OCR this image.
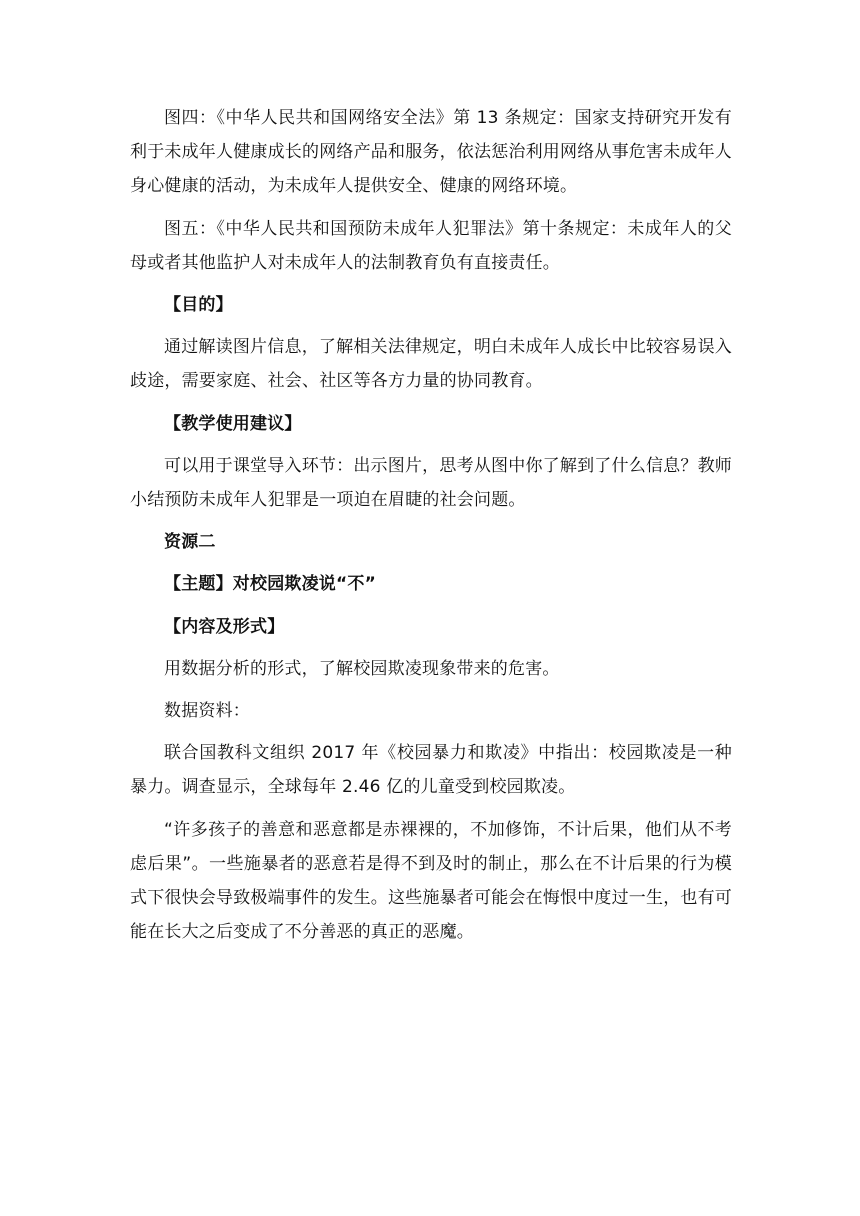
图四：《中华人民共和国网络安全法》第 13 条规定：国家支持研究开发有利于未成年人健康成长的网络产品和服务，依法惩治利用网络从事危害未成年人身心健康的活动，为未成年人提供安全、健康的网络环境。

图五：《中华人民共和国预防未成年人犯罪法》第十条规定：未成年人的父母或者其他监护人对未成年人的法制教育负有直接责任。

【目的】

通过解读图片信息，了解相关法律规定，明白未成年人成长中比较容易误入歧途，需要家庭、社会、社区等各方力量的协同教育。

【教学使用建议】

可以用于课堂导入环节：出示图片，思考从图中你了解到了什么信息？教师小结预防未成年人犯罪是一项迫在眉睫的社会问题。

资源二

【主题】对校园欺凌说“不”

【内容及形式】

用数据分析的形式，了解校园欺凌现象带来的危害。

数据资料：

联合国教科文组织 2017 年《校园暴力和欺凌》中指出：校园欺凌是一种暴力。调查显示，全球每年 2.46 亿的儿童受到校园欺凌。

“许多孩子的善意和恶意都是赤裸裸的，不加修饰，不计后果，他们从不考虑后果”。一些施暴者的恶意若是得不到及时的制止，那么在不计后果的行为模式下很快会导致极端事件的发生。这些施暴者可能会在悔恨中度过一生，也有可能在长大之后变成了不分善恶的真正的恶魔。
